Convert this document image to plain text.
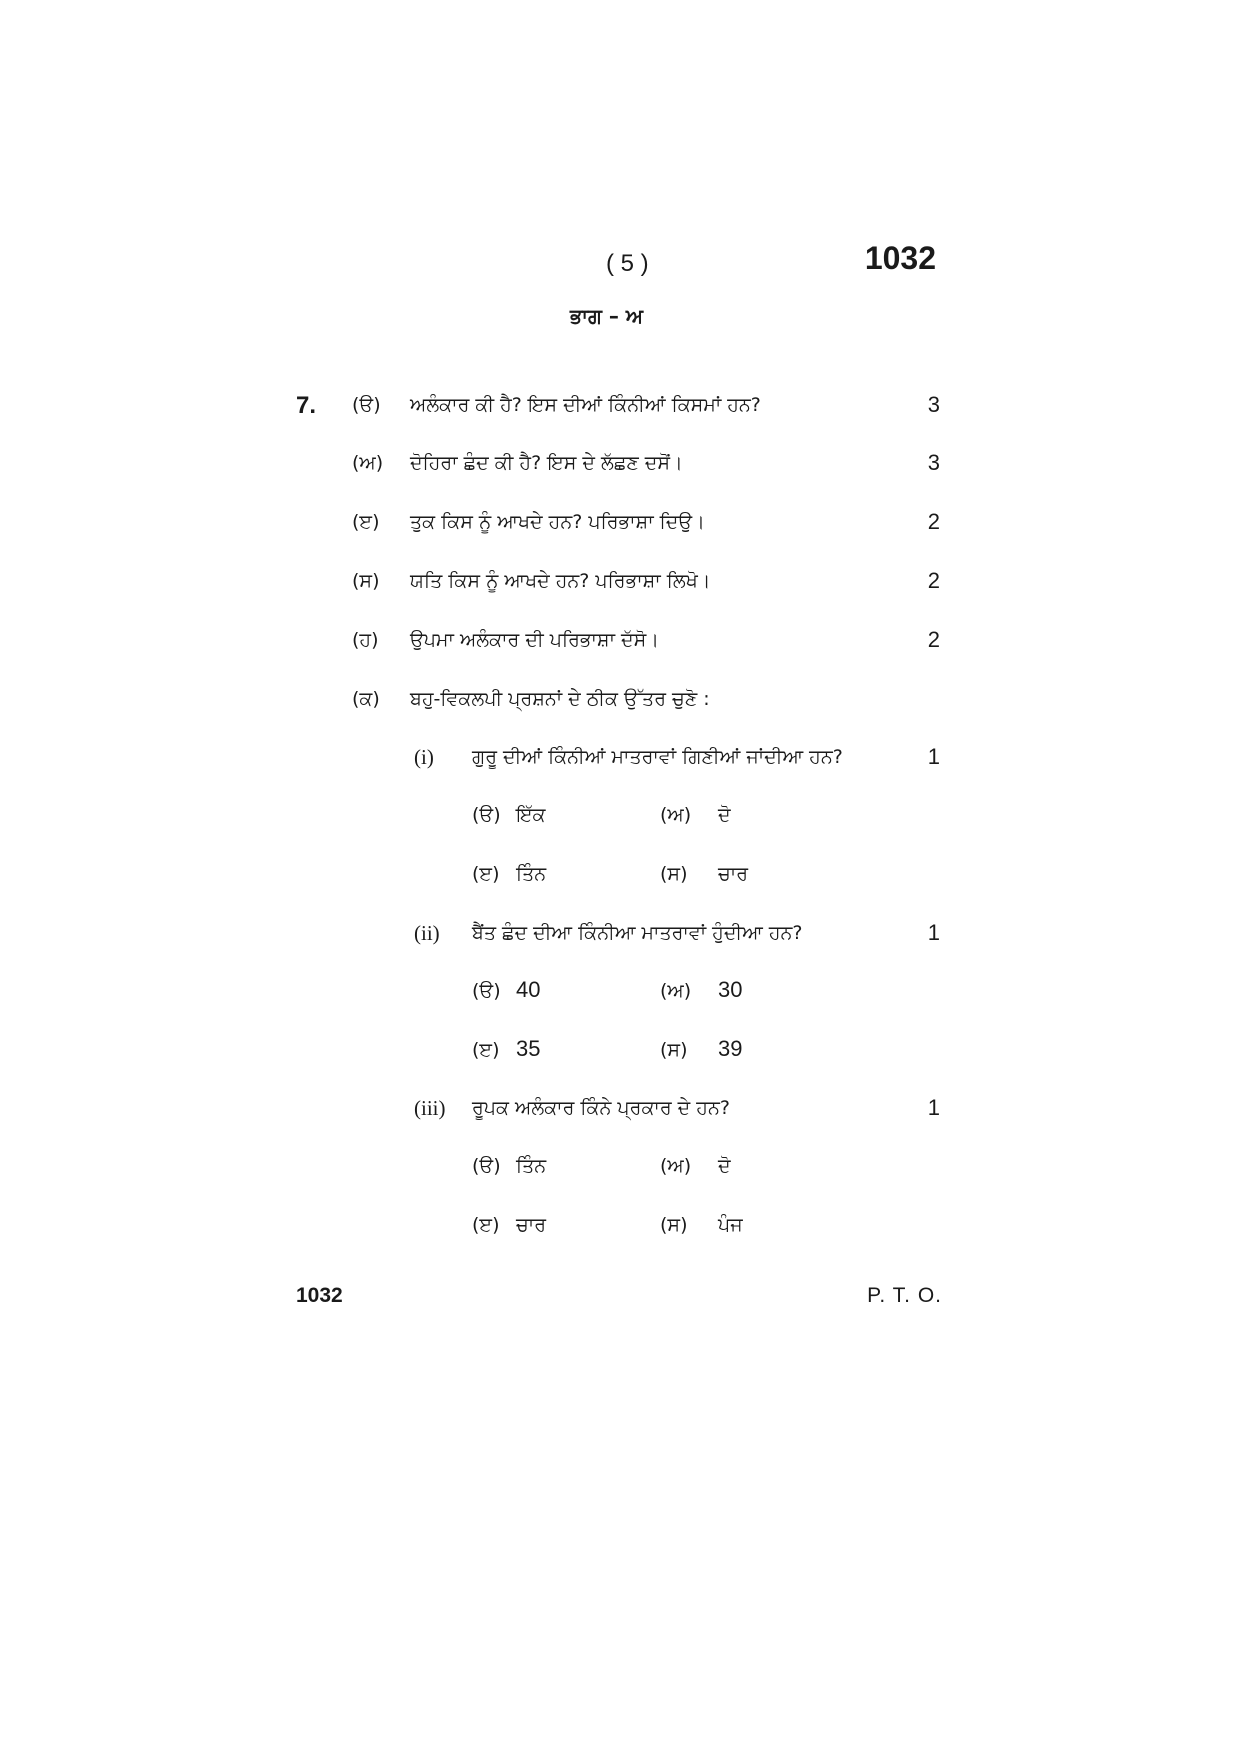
( 5 )	1032
ਭਾਗ – ਅ
7. (ੳ) ਅਲੰਕਾਰ ਕੀ ਹੈ? ਇਸ ਦੀਆਂ ਕਿੰਨੀਆਂ ਕਿਸਮਾਂ ਹਨ?	3
(ਅ) ਦੋਹਿਰਾ ਛੰਦ ਕੀ ਹੈ? ਇਸ ਦੇ ਲੱਛਣ ਦਸੋਂ।	3
(ੲ) ਤੁਕ ਕਿਸ ਨੂੰ ਆਖਦੇ ਹਨ? ਪਰਿਭਾਸ਼ਾ ਦਿਉ।	2
(ਸ) ਯਤਿ ਕਿਸ ਨੂੰ ਆਖਦੇ ਹਨ? ਪਰਿਭਾਸ਼ਾ ਲਿਖੋ।	2
(ਹ) ਉਪਮਾ ਅਲੰਕਾਰ ਦੀ ਪਰਿਭਾਸ਼ਾ ਦੱਸੋ।	2
(ਕ) ਬਹੁ-ਵਿਕਲਪੀ ਪ੍ਰਸ਼ਨਾਂ ਦੇ ਠੀਕ ਉੱਤਰ ਚੁਣੋ :
(i) ਗੁਰੂ ਦੀਆਂ ਕਿੰਨੀਆਂ ਮਾਤਰਾਵਾਂ ਗਿਣੀਆਂ ਜਾਂਦੀਆ ਹਨ?	1
(ੳ) ਇੱਕ	(ਅ) ਦੋ
(ੲ) ਤਿੰਨ	(ਸ) ਚਾਰ
(ii) ਬੈਂਤ ਛੰਦ ਦੀਆ ਕਿੰਨੀਆ ਮਾਤਰਾਵਾਂ ਹੁੰਦੀਆ ਹਨ?	1
(ੳ) 40	(ਅ) 30
(ੲ) 35	(ਸ) 39
(iii) ਰੂਪਕ ਅਲੰਕਾਰ ਕਿੰਨੇ ਪ੍ਰਕਾਰ ਦੇ ਹਨ?	1
(ੳ) ਤਿੰਨ	(ਅ) ਦੋ
(ੲ) ਚਾਰ	(ਸ) ਪੰਜ
1032	P. T. O.
